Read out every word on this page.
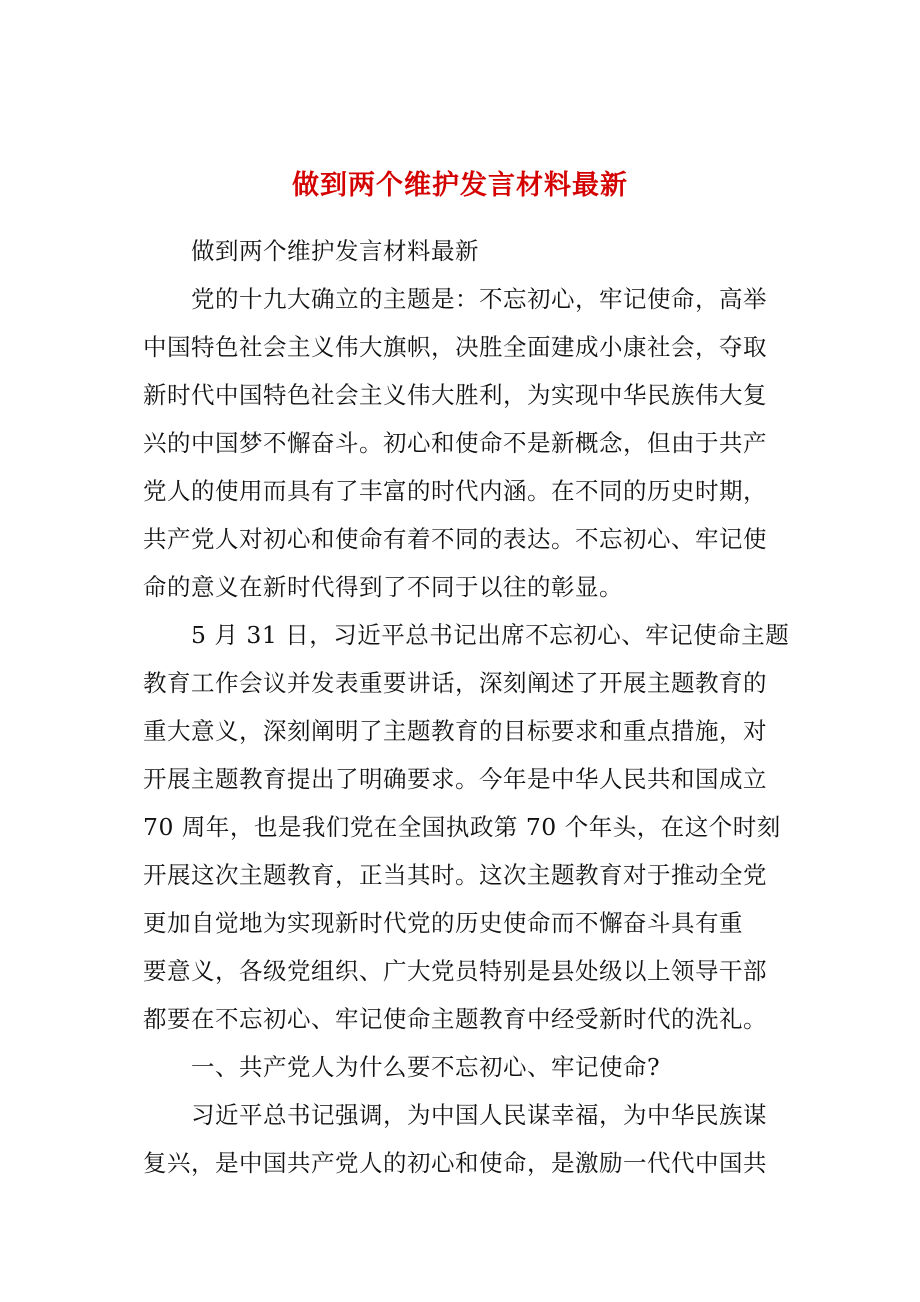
做到两个维护发言材料最新

做到两个维护发言材料最新

党的十九大确立的主题是：不忘初心，牢记使命，高举

中国特色社会主义伟大旗帜，决胜全面建成小康社会，夺取

新时代中国特色社会主义伟大胜利，为实现中华民族伟大复

兴的中国梦不懈奋斗。初心和使命不是新概念，但由于共产

党人的使用而具有了丰富的时代内涵。在不同的历史时期，

共产党人对初心和使命有着不同的表达。不忘初心、牢记使

命的意义在新时代得到了不同于以往的彰显。

5 月 31 日，习近平总书记出席不忘初心、牢记使命主题

教育工作会议并发表重要讲话，深刻阐述了开展主题教育的

重大意义，深刻阐明了主题教育的目标要求和重点措施，对

开展主题教育提出了明确要求。今年是中华人民共和国成立

70 周年，也是我们党在全国执政第 70 个年头，在这个时刻

开展这次主题教育，正当其时。这次主题教育对于推动全党

更加自觉地为实现新时代党的历史使命而不懈奋斗具有重

要意义，各级党组织、广大党员特别是县处级以上领导干部

都要在不忘初心、牢记使命主题教育中经受新时代的洗礼。

一、共产党人为什么要不忘初心、牢记使命?

习近平总书记强调，为中国人民谋幸福，为中华民族谋

复兴，是中国共产党人的初心和使命，是激励一代代中国共
